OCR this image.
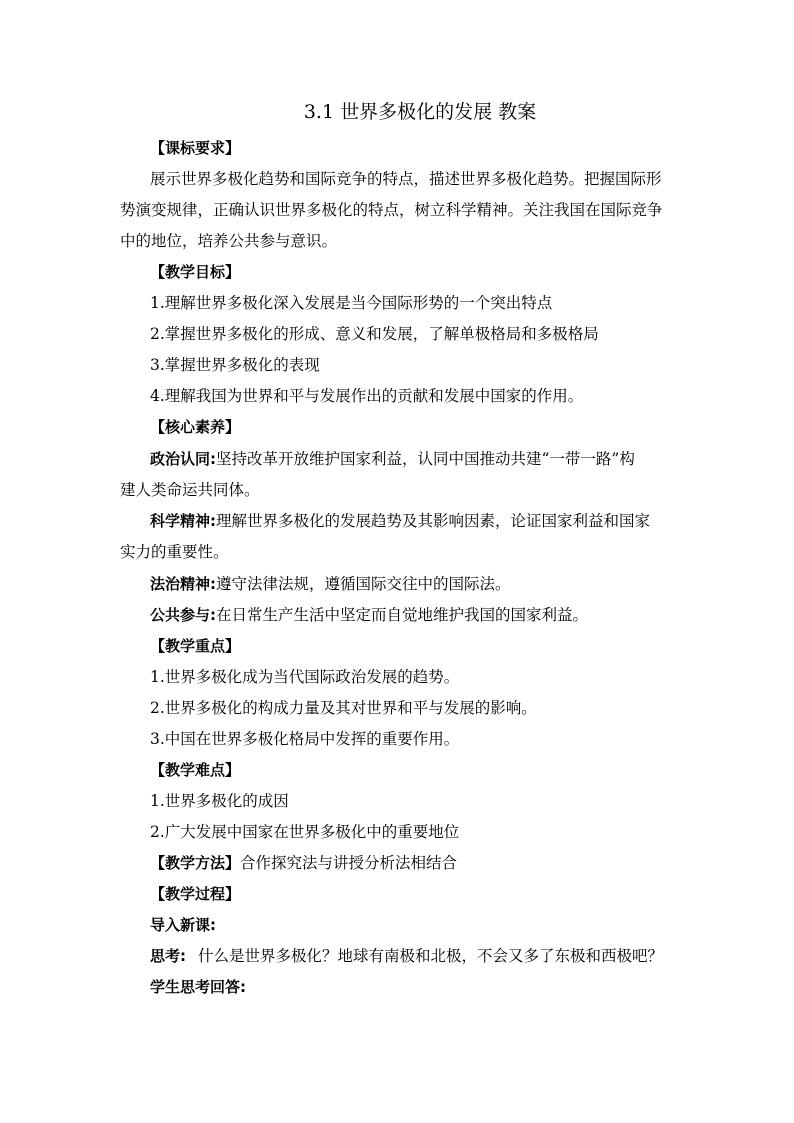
3.1 世界多极化的发展 教案
【课标要求】
展示世界多极化趋势和国际竞争的特点，描述世界多极化趋势。把握国际形
势演变规律，正确认识世界多极化的特点，树立科学精神。关注我国在国际竞争
中的地位，培养公共参与意识。
【教学目标】
1.理解世界多极化深入发展是当今国际形势的一个突出特点
2.掌握世界多极化的形成、意义和发展，了解单极格局和多极格局
3.掌握世界多极化的表现
4.理解我国为世界和平与发展作出的贡献和发展中国家的作用。
【核心素养】
政治认同:坚持改革开放维护国家利益，认同中国推动共建“一带一路”构
建人类命运共同体。
科学精神:理解世界多极化的发展趋势及其影响因素，论证国家利益和国家
实力的重要性。
法治精神:遵守法律法规，遵循国际交往中的国际法。
公共参与:在日常生产生活中坚定而自觉地维护我国的国家利益。
【教学重点】
1.世界多极化成为当代国际政治发展的趋势。
2.世界多极化的构成力量及其对世界和平与发展的影响。
3.中国在世界多极化格局中发挥的重要作用。
【教学难点】
1.世界多极化的成因
2.广大发展中国家在世界多极化中的重要地位
【教学方法】合作探究法与讲授分析法相结合
【教学过程】
导入新课:
思考: 什么是世界多极化？地球有南极和北极，不会又多了东极和西极吧？
学生思考回答:
